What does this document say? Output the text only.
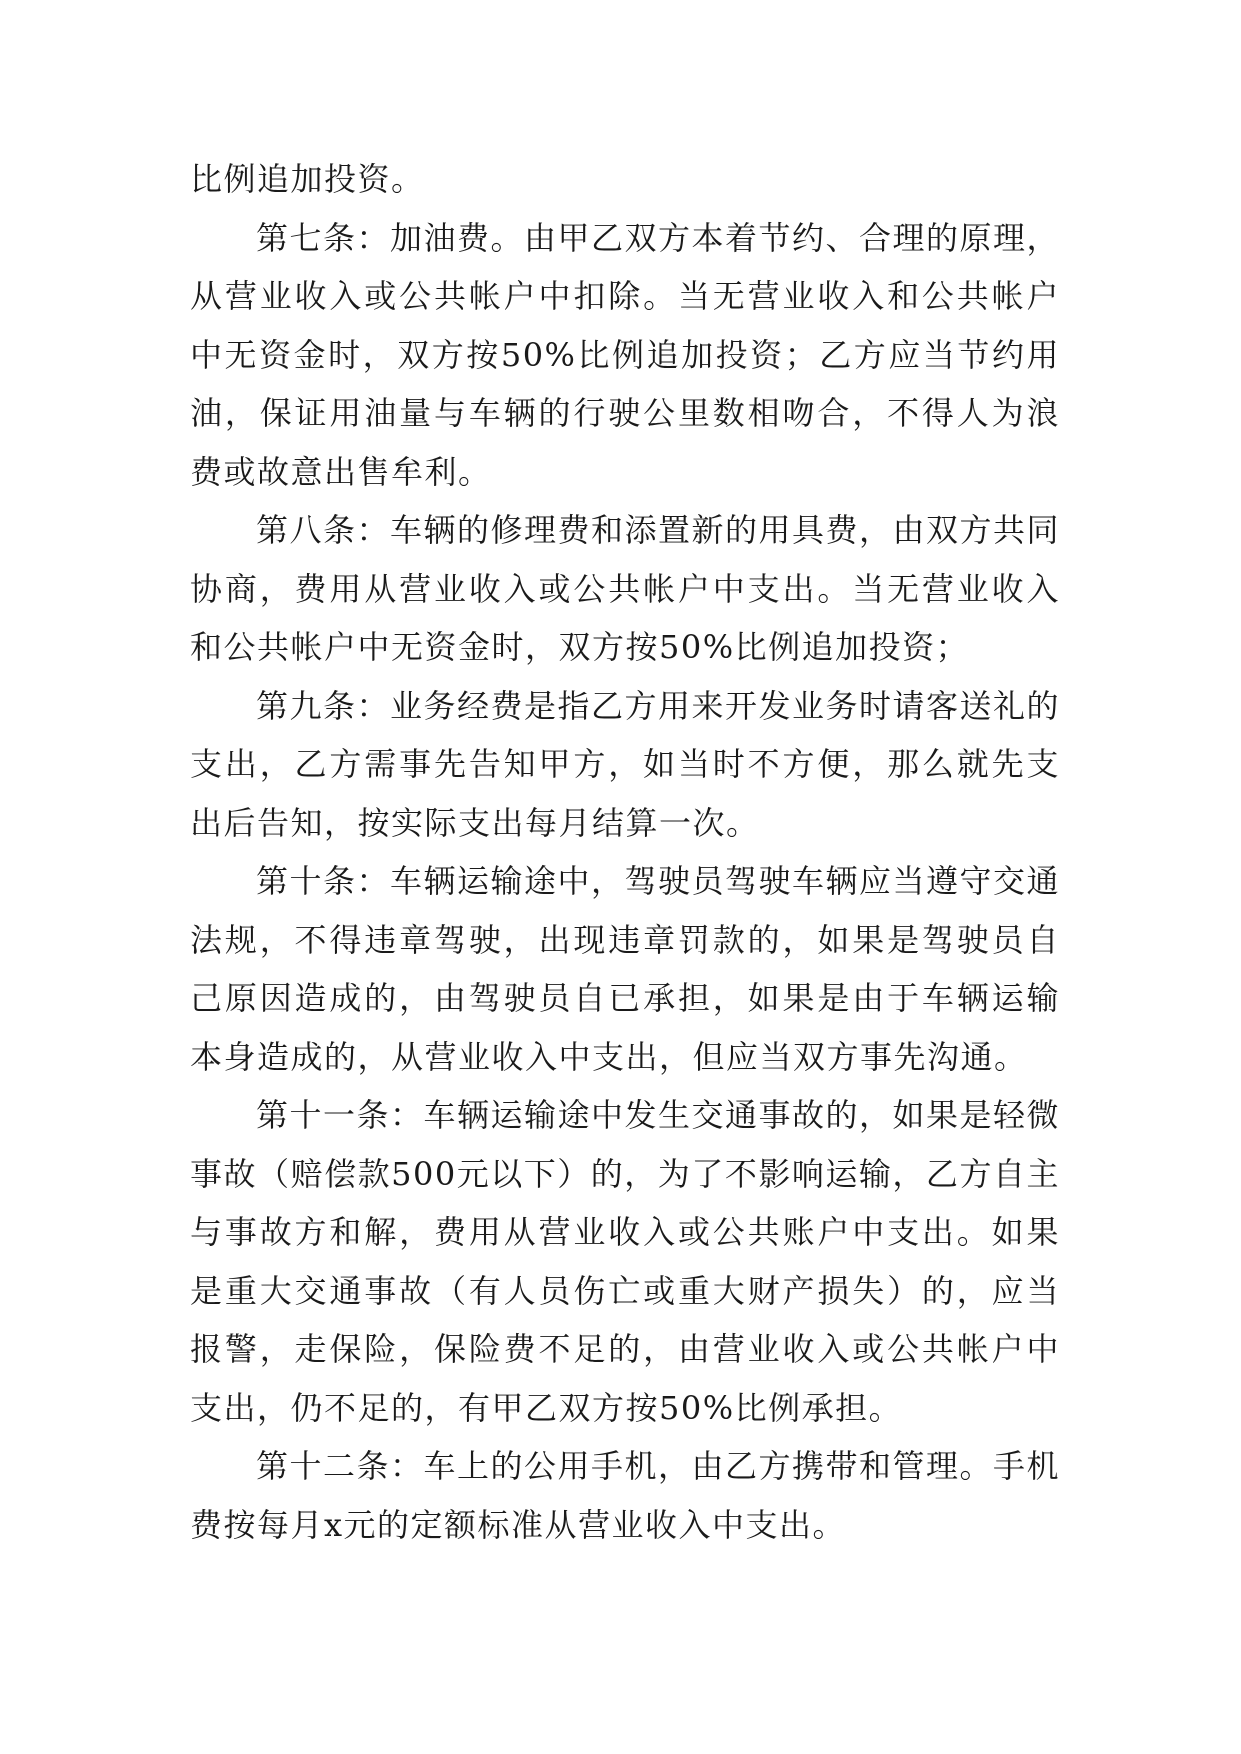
比例追加投资。

第七条：加油费。由甲乙双方本着节约、合理的原理，从营业收入或公共帐户中扣除。当无营业收入和公共帐户中无资金时，双方按50%比例追加投资；乙方应当节约用油，保证用油量与车辆的行驶公里数相吻合，不得人为浪费或故意出售牟利。

第八条：车辆的修理费和添置新的用具费，由双方共同协商，费用从营业收入或公共帐户中支出。当无营业收入和公共帐户中无资金时，双方按50%比例追加投资；

第九条：业务经费是指乙方用来开发业务时请客送礼的支出，乙方需事先告知甲方，如当时不方便，那么就先支出后告知，按实际支出每月结算一次。

第十条：车辆运输途中，驾驶员驾驶车辆应当遵守交通法规，不得违章驾驶，出现违章罚款的，如果是驾驶员自己原因造成的，由驾驶员自已承担，如果是由于车辆运输本身造成的，从营业收入中支出，但应当双方事先沟通。

第十一条：车辆运输途中发生交通事故的，如果是轻微事故（赔偿款500元以下）的，为了不影响运输，乙方自主与事故方和解，费用从营业收入或公共账户中支出。如果是重大交通事故（有人员伤亡或重大财产损失）的，应当报警，走保险，保险费不足的，由营业收入或公共帐户中支出，仍不足的，有甲乙双方按50%比例承担。

第十二条：车上的公用手机，由乙方携带和管理。手机费按每月x元的定额标准从营业收入中支出。
